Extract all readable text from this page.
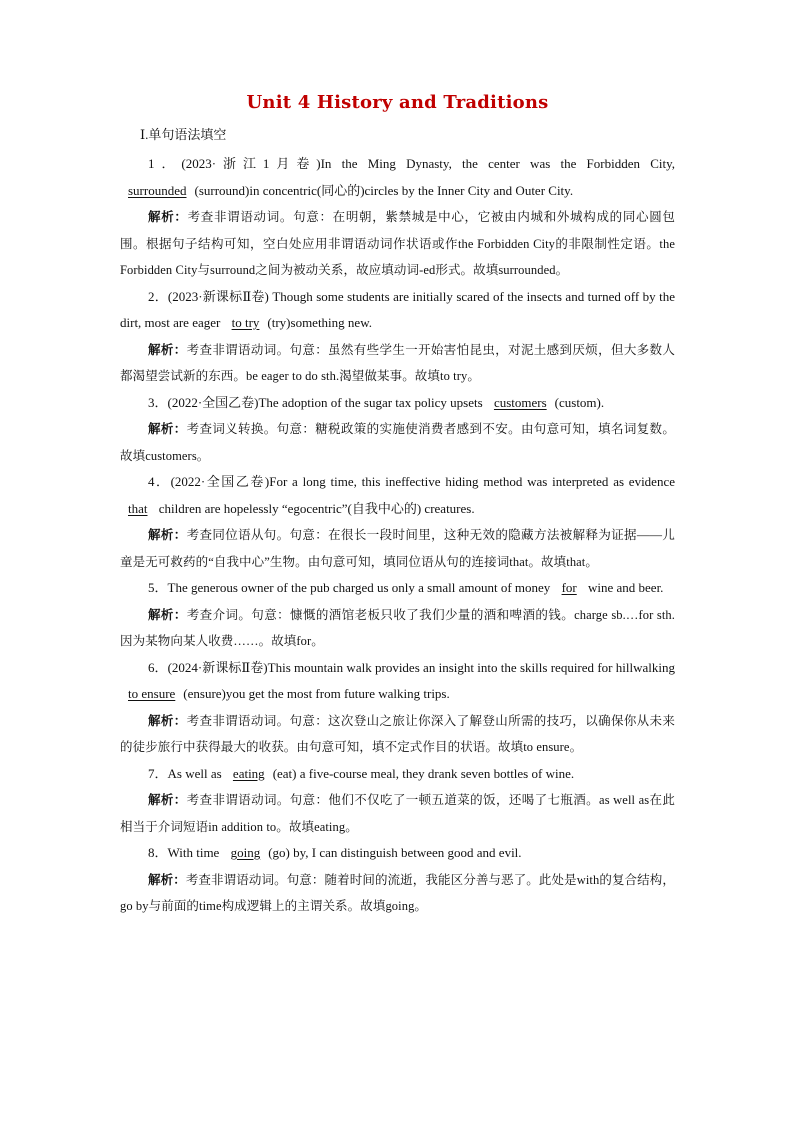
Unit 4 History and Traditions
Ⅰ.单句语法填空

1．(2023·浙江1月卷)In the Ming Dynasty, the center was the Forbidden City, surrounded (surround)in concentric(同心的)circles by the Inner City and Outer City.

解析：考查非谓语动词。句意：在明朝，紫禁城是中心，它被由内城和外城构成的同心圆包围。根据句子结构可知，空白处应用非谓语动词作状语或作the Forbidden City的非限制性定语。the Forbidden City与surround之间为被动关系，故应填动词-ed形式。故填surrounded。

2．(2023·新课标Ⅱ卷) Though some students are initially scared of the insects and turned off by the dirt, most are eager to try (try)something new.

解析：考查非谓语动词。句意：虽然有些学生一开始害怕昆虫，对泥土感到厌烦，但大多数人都渴望尝试新的东西。be eager to do sth.渴望做某事。故填to try。

3．(2022·全国乙卷)The adoption of the sugar tax policy upsets customers (custom).

解析：考查词义转换。句意：糖税政策的实施使消费者感到不安。由句意可知，填名词复数。故填customers。

4．(2022·全国乙卷)For a long time, this ineffective hiding method was interpreted as evidence that children are hopelessly “egocentric”(自我中心的) creatures.

解析：考查同位语从句。句意：在很长一段时间里，这种无效的隐藏方法被解释为证据——儿童是无可救药的“自我中心”生物。由句意可知，填同位语从句的连接词that。故填that。

5．The generous owner of the pub charged us only a small amount of money for wine and beer.

解析：考查介词。句意：慷慨的酒馆老板只收了我们少量的酒和啤酒的钱。charge sb.…for sth.因为某物向某人收费……。故填for。

6．(2024·新课标Ⅱ卷)This mountain walk provides an insight into the skills required for hillwalking to ensure (ensure)you get the most from future walking trips.

解析：考查非谓语动词。句意：这次登山之旅让你深入了解登山所需的技巧，以确保你从未来的徒步旅行中获得最大的收获。由句意可知，填不定式作目的状语。故填to ensure。

7．As well as eating (eat) a five-course meal, they drank seven bottles of wine.

解析：考查非谓语动词。句意：他们不仅吃了一顿五道菜的饭，还喝了七瓶酒。as well as在此相当于介词短语in addition to。故填eating。

8．With time going (go) by, I can distinguish between good and evil.

解析：考查非谓语动词。句意：随着时间的流逝，我能区分善与恶了。此处是with的复合结构，go by与前面的time构成逻辑上的主谓关系。故填going。
